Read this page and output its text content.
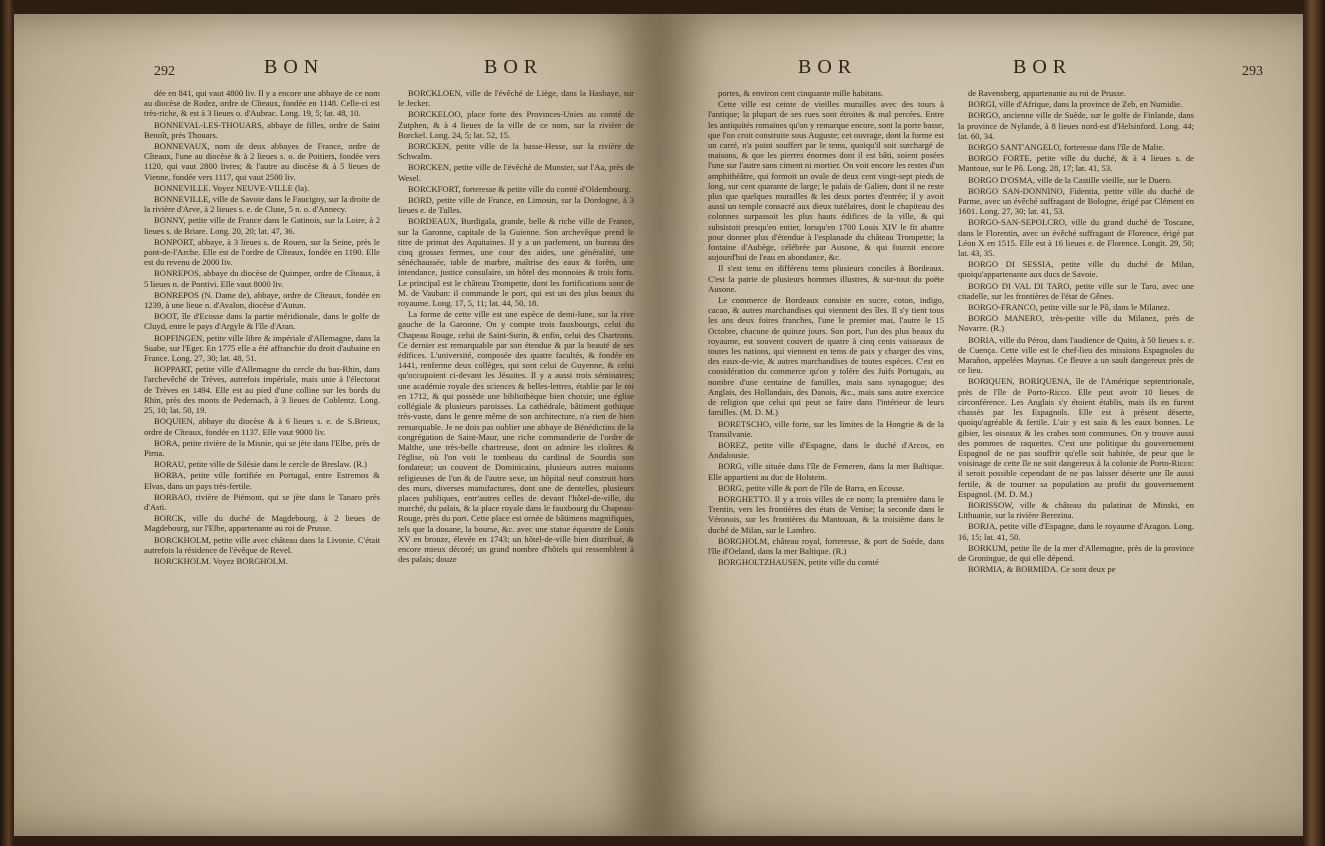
292	BON	BOR

dée en 841, qui vaut 4800 liv. Il y a encore une abbaye de ce nom au diocèse de Rodez, ordre de Cîteaux, fondée en 1148. Celle-ci est très-riche, & est à 3 lieues o. d'Aubrac. Long. 19, 5; lat. 48, 10.

BONNEVAL-LES-THOUARS, abbaye de filles, ordre de Saint Benoît, près Thouars.

BONNEVAUX, nom de deux abbayes de France, ordre de Cîteaux, l'une au diocèse & à 2 lieues s. o. de Poitiers, fondée vers 1120, qui vaut 2800 livres; & l'autre au diocèse & à 5 lieues de Vienne, fondée vers 1117, qui vaut 2500 liv.

BONNEVILLE. Voyez NEUVE-VILLE (la).

BONNEVILLE, ville de Savoie dans le Faucigny, sur la droite de la rivière d'Arve, à 2 lieues s. e. de Cluse, 5 n. o. d'Annecy.

BONNY, petite ville de France dans le Gatinois, sur la Loire, à 2 lieues s. de Briare. Long. 20, 20; lat. 47, 36.

BONPORT, abbaye, à 3 lieues s. de Rouen, sur la Seine, près le pont-de-l'Arche. Elle est de l'ordre de Cîteaux, fondée en 1190. Elle est du revenu de 2000 liv.

BONREPOS, abbaye du diocèse de Quimper, ordre de Cîteaux, à 5 lieues n. de Pontivi. Elle vaut 8000 liv.

BONREPOS (N. Dame de), abbaye, ordre de Cîteaux, fondée en 1239, à une lieue n. d'Avalon, diocèse d'Autun.

BOOT, île d'Ecosse dans la partie méridionale, dans le golfe de Cluyd, entre le pays d'Argyle & l'île d'Aran.

BOPFINGEN, petite ville libre & impériale d'Allemagne, dans la Suabe, sur l'Eger. En 1775 elle a été affranchie du droit d'aubaine en France. Long. 27, 30; lat. 48, 51.

BOPPART, petite ville d'Allemagne du cercle du bas-Rhin, dans l'archevêché de Trèves, autrefois impériale, mais unie à l'électorat de Trèves en 1494. Elle est au pied d'une colline sur les bords du Rhin, près des monts de Pedernach, à 3 lieues de Coblentz. Long. 25, 10; lat. 50, 19.

BOQUIEN, abbaye du diocèse & à 6 lieues s. e. de S.Brieux, ordre de Cîteaux, fondée en 1137. Elle vaut 9000 liv.

BORA, petite rivière de la Misnie, qui se jète dans l'Elbe, près de Pirna.

BORAU, petite ville de Silésie dans le cercle de Breslaw. (R.)

BORBA, petite ville fortifiée en Portugal, entre Estremos & Elvas, dans un pays très-fertile.

BORBAO, rivière de Piémont, qui se jète dans le Tanaro près d'Asti.

BORCK, ville du duché de Magdebourg, à 2 lieues de Magdebourg, sur l'Elbe, appartenante au roi de Prusse.

BORCKHOLM, petite ville avec château dans la Livonie. C'était autrefois la résidence de l'évêque de Revel.

BORCKHOLM. Voyez BORGHOLM.

BORCKLOEN, ville de l'évêché de Liège, dans la Hasbaye, sur le Jecker.

BORCKELOO, place forte des Provinces-Unies au comté de Zutphen, & à 4 lieues de la ville de ce nom, sur la rivière de Borckel. Long. 24, 5; lat. 52, 15.

BORCKEN, petite ville de la basse-Hesse, sur la rivière de Schwalm.

BORCKEN, petite ville de l'évêché de Munster, sur l'Aa, près de Wesel.

BORCKFORT, forteresse & petite ville du comté d'Oldembourg.

BORD, petite ville de France, en Limosin, sur la Dordogne, à 3 lieues e. de Tulles.

BORDEAUX, Burdigala, grande, belle & riche ville de France, sur la Garonne, capitale de la Guienne. Son archevêque prend le titre de primat des Aquitaines. Il y a un parlement, un bureau des cinq grosses fermes, une cour des aides, une généralité, une sénéchaussée, table de marbre, maîtrise des eaux & forêts, une intendance, justice consulaire, un hôtel des monnoies & trois forts. Le principal est le château Trompette, dont les fortifications sont de M. de Vauban: il commande le port, qui est un des plus beaux du royaume. Long. 17, 5, 11; lat. 44, 50, 18.

La forme de cette ville est une espèce de demi-lune, sur la rive gauche de la Garonne. On y compte trois fauxbourgs, celui du Chapeau Rouge, celui de Saint-Surin, & enfin, celui des Chartrons. Ce dernier est remarquable par son étendue & par la beauté de ses édifices. L'université, composée des quatre facultés, & fondée en 1441, renferme deux collèges, qui sont celui de Guyenne, & celui qu'occupoient ci-devant les Jésuites. Il y a aussi trois séminaires; une académie royale des sciences & belles-lettres, établie par le roi en 1712, & qui possède une bibliothèque bien choisie; une église collégiale & plusieurs paroisses. La cathédrale, bâtiment gothique très-vaste, dans le genre même de son architecture, n'a rien de bien remarquable. Je ne dois pas oublier une abbaye de Bénédictins de la congrégation de Saint-Maur, une riche commanderie de l'ordre de Malthe, une très-belle chartreuse, dont on admire les cloîtres & l'église, où l'on voit le tombeau du cardinal de Sourdis son fondateur; un couvent de Dominicains, plusieurs autres maisons religieuses de l'un & de l'autre sexe, un hôpital neuf construit hors des murs, diverses manufactures, dont une de dentelles, plusieurs places publiques, entr'autres celles de devant l'hôtel-de-ville, du marché, du palais, & la place royale dans le fauxbourg du Chapeau-Rouge, près du port. Cette place est ornée de bâtimens magnifiques, tels que la douane, la bourse, &c. avec une statue équestre de Louis XV en bronze, élevée en 1743; un hôtel-de-ville bien distribué, & encore mieux décoré; un grand nombre d'hôtels qui ressemblent à des palais; douze

BOR	BOR	293

portes, & environ cent cinquante mille habitans.

Cette ville est ceinte de vieilles murailles avec des tours à l'antique; la plupart de ses rues sont étroites & mal percées. Entre les antiquités romaines qu'on y remarque encore, sont la porte basse, que l'on croit construite sous Auguste; cet ouvrage, dont la forme est un carré, n'a point souffert par le tems, quoiqu'il soit surchargé de maisons, & que les pierres énormes dont il est bâti, soient posées l'une sur l'autre sans ciment ni mortier. On voit encore les restes d'un amphithéâtre, qui formoit un ovale de deux cent vingt-sept pieds de long, sur cent quarante de large; le palais de Galien, dont il ne reste plus que quelques murailles & les deux portes d'entrée; il y avoit aussi un temple consacré aux dieux tutélaires, dont le chapiteau des colonnes surpassoit les plus hauts édifices de la ville, & qui subsistoit presqu'en entier, lorsqu'en 1700 Louis XIV le fit abattre pour donner plus d'étendue à l'esplanade du château Trompette; la fontaine d'Aubège, célébrée par Ausone, & qui fournit encore aujourd'hui de l'eau en abondance, &c.

Il s'est tenu en différens tems plusieurs conciles à Bordeaux. C'est la patrie de plusieurs hommes illustres, & sur-tout du poëte Ausone.

Le commerce de Bordeaux consiste en sucre, coton, indigo, cacao, & autres marchandises qui viennent des îles. Il s'y tient tous les ans deux foires franches, l'une le premier mai, l'autre le 15 Octobre, chacune de quinze jours. Son port, l'un des plus beaux du royaume, est souvent couvert de quatre à cinq cents vaisseaux de toutes les nations, qui viennent en tems de paix y charger des vins, des eaux-de-vie, & autres marchandises de toutes espèces. C'est en considération du commerce qu'on y tolère des Juifs Portugais, au nombre d'une centaine de familles, mais sans synagogue; des Anglais, des Hollandais, des Danois, &c., mais sans autre exercice de religion que celui qui peut se faire dans l'intérieur de leurs familles. (M. D. M.)

BORETSCHO, ville forte, sur les limites de la Hongrie & de la Transilvanie.

BOREZ, petite ville d'Espagne, dans le duché d'Arcos, en Andalousie.

BORG, ville située dans l'île de Femeren, dans la mer Baltique. Elle appartient au duc de Holstein.

BORG, petite ville & port de l'île de Barra, en Ecosse.

BORGHETTO. Il y a trois villes de ce nom; la première dans le Trentin, vers les frontières des états de Venise; la seconde dans le Véronois, sur les frontières du Mantouan, & la troisième dans le duché de Milan, sur le Lambro.

BORGHOLM, château royal, forteresse, & port de Suède, dans l'île d'Oeland, dans la mer Baltique. (R.)

BORGHOLTZHAUSEN, petite ville du comté

de Ravensberg, appartenante au roi de Prusse.

BORGI, ville d'Afrique, dans la province de Zeb, en Numidie.

BORGO, ancienne ville de Suède, sur le golfe de Finlande, dans la province de Nylande, à 8 lieues nord-est d'Helsinford. Long. 44; lat. 60, 34.

BORGO SANT'ANGELO, forteresse dans l'île de Malte.

BORGO FORTE, petite ville du duché, & à 4 lieues s. de Mantoue, sur le Pô. Long. 28, 17; lat. 41, 53.

BORGO D'OSMA, ville de la Castille vieille, sur le Duero.

BORGO SAN-DONNINO, Fidentia, petite ville du duché de Parme, avec un évêché suffragant de Bologne, érigé par Clément en 1601. Long. 27, 30; lat. 41, 53.

BORGO-SAN-SEPOLCRO, ville du grand duché de Toscane, dans le Florentin, avec un évêché suffragant de Florence, érigé par Léon X en 1515. Elle est à 16 lieues e. de Florence. Longit. 29, 50; lat. 43, 35.

BORGO DI SESSIA, petite ville du duché de Milan, quoiqu'appartenante aux ducs de Savoie.

BORGO DI VAL DI TARO, petite ville sur le Taro, avec une citadelle, sur les frontières de l'état de Gênes.

BORGO-FRANCO, petite ville sur le Pô, dans le Milanez.

BORGO MANERO, très-petite ville du Milanez, près de Novarre. (R.)

BORIA, ville du Pérou, dans l'audience de Quito, à 50 lieues s. e. de Cuença. Cette ville est le chef-lieu des missions Espagnoles du Marañon, appelées Maynas. Ce fleuve a un sault dangereux près de ce lieu.

BORIQUEN, BORIQUENA, île de l'Amérique septentrionale, près de l'île de Porto-Ricco. Elle peut avoir 10 lieues de circonférence. Les Anglais s'y étoient établis, mais ils en furent chassés par les Espagnols. Elle est à présent déserte, quoiqu'agréable & fertile. L'air y est sain & les eaux bonnes. Le gibier, les oiseaux & les crabes sont communes. On y trouve aussi des pommes de raquettes. C'est une politique du gouvernement Espagnol de ne pas souffrir qu'elle soit habitée, de peur que le voisinage de cette île ne soit dangereux à la colonie de Porto-Ricco: il seroit possible cependant de ne pas laisser déserte une île aussi fertile, & de tourner sa population au profit du gouvernement Espagnol. (M. D. M.)

BORISSOW, ville & château du palatinat de Minski, en Lithuanie, sur la rivière Berezina.

BORJA, petite ville d'Espagne, dans le royaume d'Aragon. Long. 16, 15; lat. 41, 50.

BORKUM, petite île de la mer d'Allemagne, près de la province de Groningue, de qui elle dépend.

BORMIA, & BORMIDA. Ce sont deux pe
